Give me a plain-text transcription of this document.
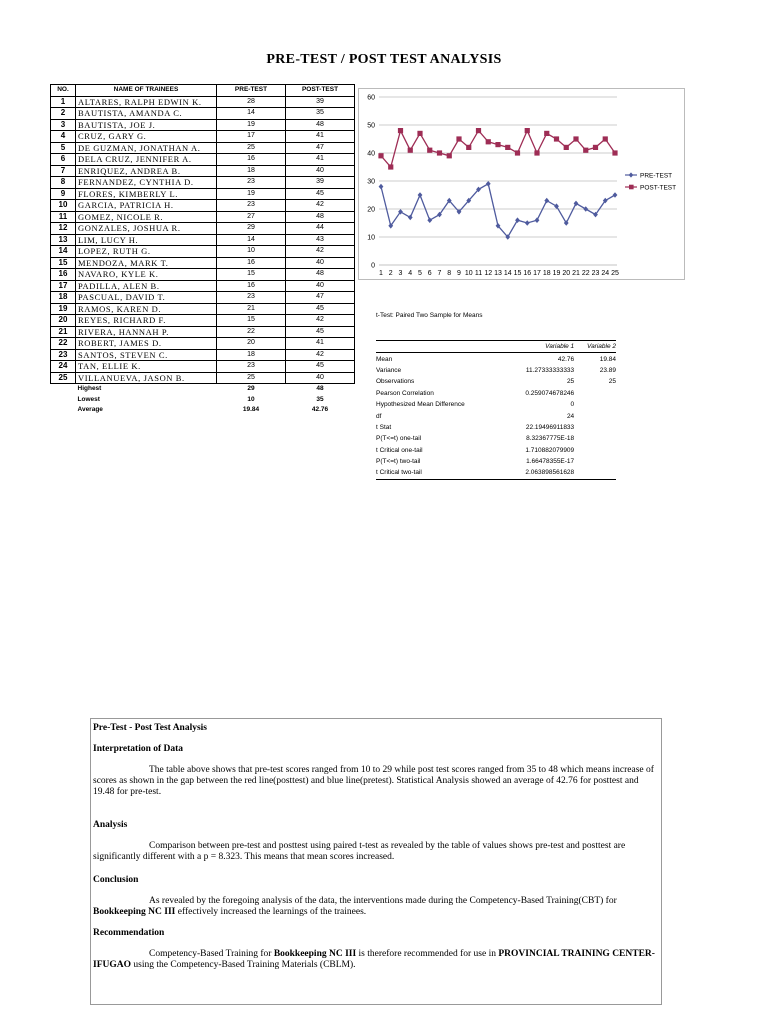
PRE-TEST / POST TEST ANALYSIS
NO.	NAME OF TRAINEES	PRE-TEST	POST-TEST
1	ALTARES, RALPH EDWIN K.	28	39
2	BAUTISTA, AMANDA C.	14	35
3	BAUTISTA, JOE J.	19	48
4	CRUZ, GARY G.	17	41
5	DE GUZMAN, JONATHAN A.	25	47
6	DELA CRUZ, JENNIFER A.	16	41
7	ENRIQUEZ, ANDREA B.	18	40
8	FERNANDEZ, CYNTHIA D.	23	39
9	FLORES, KIMBERLY L.	19	45
10	GARCIA, PATRICIA H.	23	42
11	GOMEZ, NICOLE R.	27	48
12	GONZALES, JOSHUA R.	29	44
13	LIM, LUCY H.	14	43
14	LOPEZ, RUTH G.	10	42
15	MENDOZA, MARK T.	16	40
16	NAVARO, KYLE K.	15	48
17	PADILLA, ALEN B.	16	40
18	PASCUAL, DAVID T.	23	47
19	RAMOS, KAREN D.	21	45
20	REYES, RICHARD F.	15	42
21	RIVERA, HANNAH P.	22	45
22	ROBERT, JAMES D.	20	41
23	SANTOS, STEVEN C.	18	42
24	TAN, ELLIE K.	23	45
25	VILLANUEVA, JASON B.	25	40
	Highest	29	48
	Lowest	10	35
	Average	19.84	42.76
0
10
20
30
40
50
60
1 2 3 4 5 6 7 8 9 10 11 12 13 14 15 16 17 18 19 20 21 22 23 24 25
PRE-TEST
POST-TEST
t-Test: Paired Two Sample for Means
	Variable 1	Variable 2
Mean	42.76	19.84
Variance	11.27333333333	23.89
Observations	25	25
Pearson Correlation	0.259074678246	
Hypothesized Mean Difference	0	
df	24	
t Stat	22.19496911833	
P(T<=t) one-tail	8.32367775E-18	
t Critical one-tail	1.710882079909	
P(T<=t) two-tail	1.66478355E-17	
t Critical two-tail	2.063898561628	

Pre-Test - Post Test Analysis

Interpretation of Data

The table above shows that pre-test scores ranged from 10 to 29 while post test scores ranged from 35 to 48 which means increase of scores as shown in the gap between the red line(posttest) and blue line(pretest). Statistical Analysis showed an average of 42.76 for posttest and 19.48 for pre-test.

Analysis

Comparison between pre-test and posttest using paired t-test as revealed by the table of values shows pre-test and posttest are significantly different with a p = 8.323. This means that mean scores increased.

Conclusion

As revealed by the foregoing analysis of the data, the interventions made during the Competency-Based Training(CBT) for Bookkeeping NC III effectively increased the learnings of the trainees.

Recommendation

Competency-Based Training for Bookkeeping NC III is therefore recommended for use in PROVINCIAL TRAINING CENTER-IFUGAO using the Competency-Based Training Materials (CBLM).
